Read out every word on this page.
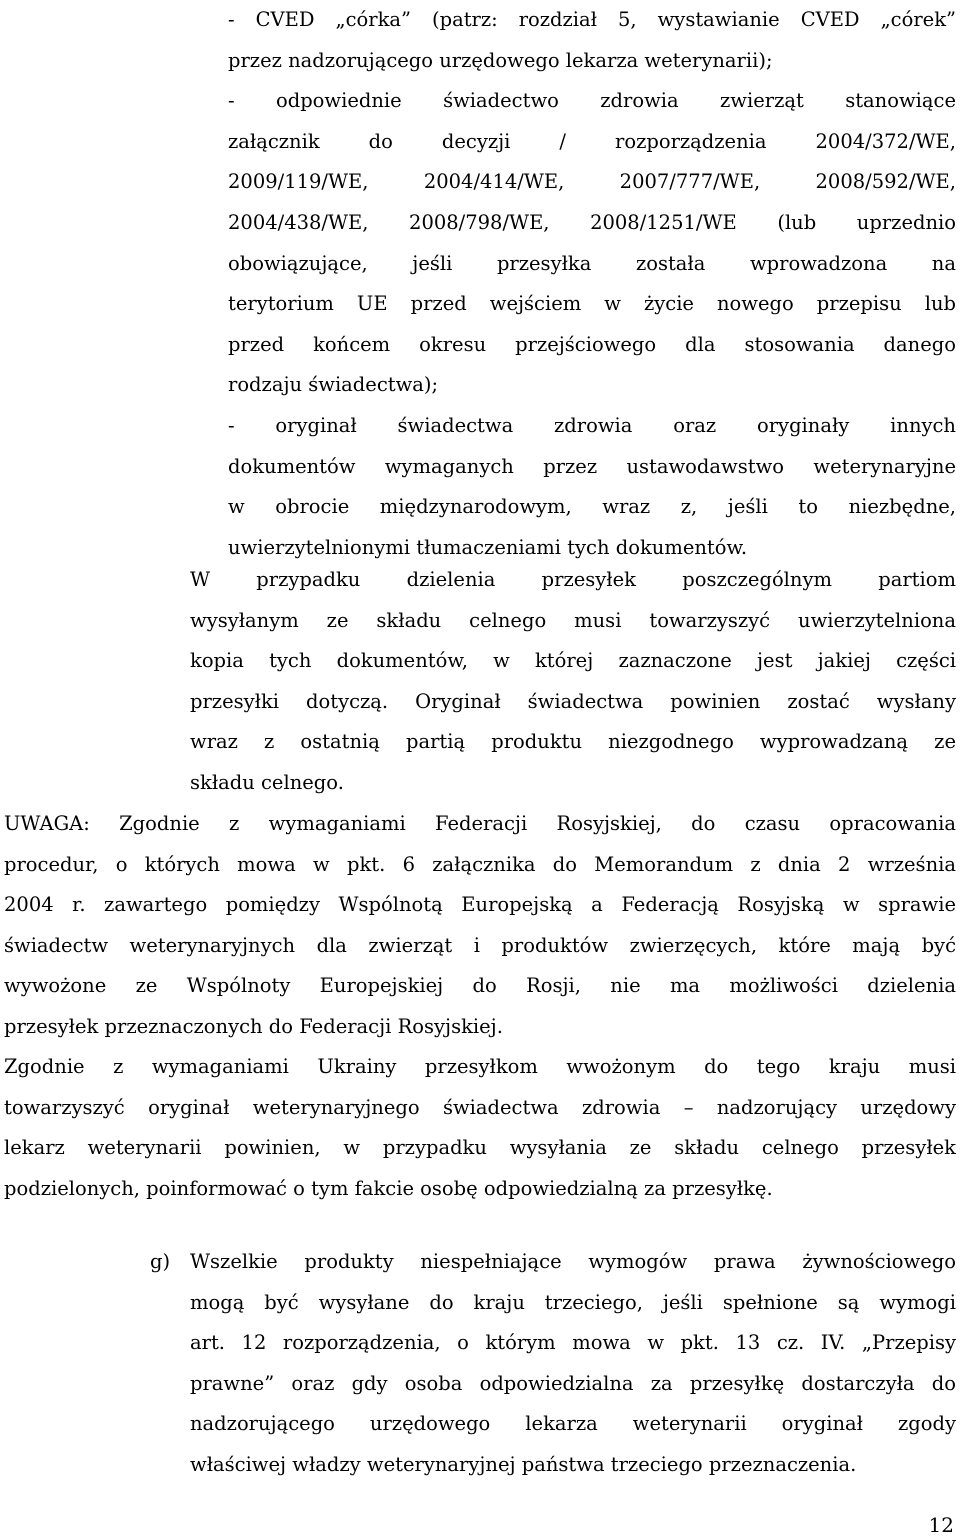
- CVED „córka” (patrz: rozdział 5, wystawianie CVED „córek”
przez nadzorującego urzędowego lekarza weterynarii);
- odpowiednie świadectwo zdrowia zwierząt stanowiące
załącznik do decyzji / rozporządzenia 2004/372/WE,
2009/119/WE, 2004/414/WE, 2007/777/WE, 2008/592/WE,
2004/438/WE, 2008/798/WE, 2008/1251/WE (lub uprzednio
obowiązujące, jeśli przesyłka została wprowadzona na
terytorium UE przed wejściem w życie nowego przepisu lub
przed końcem okresu przejściowego dla stosowania danego
rodzaju świadectwa);
- oryginał świadectwa zdrowia oraz oryginały innych
dokumentów wymaganych przez ustawodawstwo weterynaryjne
w obrocie międzynarodowym, wraz z, jeśli to niezbędne,
uwierzytelnionymi tłumaczeniami tych dokumentów.
W przypadku dzielenia przesyłek poszczególnym partiom
wysyłanym ze składu celnego musi towarzyszyć uwierzytelniona
kopia tych dokumentów, w której zaznaczone jest jakiej części
przesyłki dotyczą. Oryginał świadectwa powinien zostać wysłany
wraz z ostatnią partią produktu niezgodnego wyprowadzaną ze
składu celnego.
UWAGA: Zgodnie z wymaganiami Federacji Rosyjskiej, do czasu opracowania
procedur, o których mowa w pkt. 6 załącznika do Memorandum z dnia 2 września
2004 r. zawartego pomiędzy Wspólnotą Europejską a Federacją Rosyjską w sprawie
świadectw weterynaryjnych dla zwierząt i produktów zwierzęcych, które mają być
wywożone ze Wspólnoty Europejskiej do Rosji, nie ma możliwości dzielenia
przesyłek przeznaczonych do Federacji Rosyjskiej.
Zgodnie z wymaganiami Ukrainy przesyłkom wwożonym do tego kraju musi
towarzyszyć oryginał weterynaryjnego świadectwa zdrowia – nadzorujący urzędowy
lekarz weterynarii powinien, w przypadku wysyłania ze składu celnego przesyłek
podzielonych, poinformować o tym fakcie osobę odpowiedzialną za przesyłkę.
g) Wszelkie produkty niespełniające wymogów prawa żywnościowego
mogą być wysyłane do kraju trzeciego, jeśli spełnione są wymogi
art. 12 rozporządzenia, o którym mowa w pkt. 13 cz. IV. „Przepisy
prawne” oraz gdy osoba odpowiedzialna za przesyłkę dostarczyła do
nadzorującego urzędowego lekarza weterynarii oryginał zgody
właściwej władzy weterynaryjnej państwa trzeciego przeznaczenia.
12
